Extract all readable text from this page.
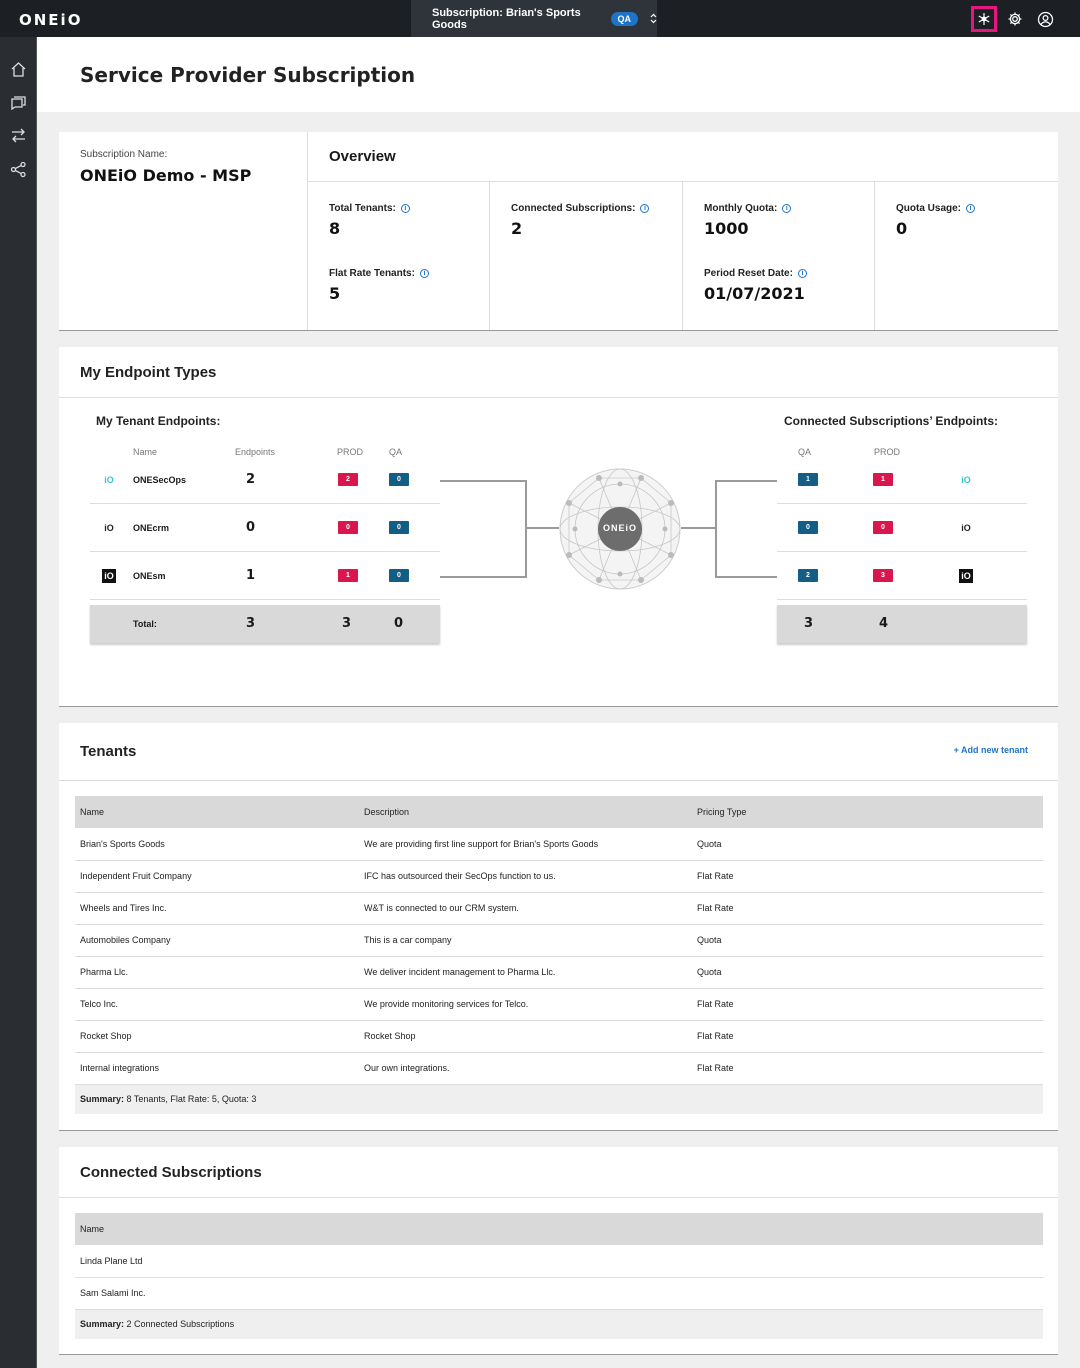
ONEiO	Subscription: Brian's Sports Goods	QA
Service Provider Subscription
Subscription Name:
ONEiO Demo - MSP
Overview
Total Tenants:	i
8
Flat Rate Tenants:	i
5
Connected Subscriptions:	i
2
Monthly Quota:	i
1000
Period Reset Date:	i
01/07/2021
Quota Usage:	i
0
My Endpoint Types
My Tenant Endpoints:	Connected Subscriptions’ Endpoints:
Name	Endpoints	PROD	QA	QA	PROD
iO ONESecOps	2	2	0
iO ONEcrm	0	0	0
iO ONEsm	1	1	0
Total:	3	3	0
ONEiO
1	1	iO
0	0	iO
2	3	iO
3	4
Tenants	+ Add new tenant
Name	Description	Pricing Type
Brian's Sports Goods	We are providing first line support for Brian's Sports Goods	Quota
Independent Fruit Company	IFC has outsourced their SecOps function to us.	Flat Rate
Wheels and Tires Inc.	W&T is connected to our CRM system.	Flat Rate
Automobiles Company	This is a car company	Quota
Pharma Llc.	We deliver incident management to Pharma Llc.	Quota
Telco Inc.	We provide monitoring services for Telco.	Flat Rate
Rocket Shop	Rocket Shop	Flat Rate
Internal integrations	Our own integrations.	Flat Rate
Summary: 8 Tenants, Flat Rate: 5, Quota: 3		
Connected Subscriptions
Name
Linda Plane Ltd
Sam Salami Inc.
Summary: 2 Connected Subscriptions
